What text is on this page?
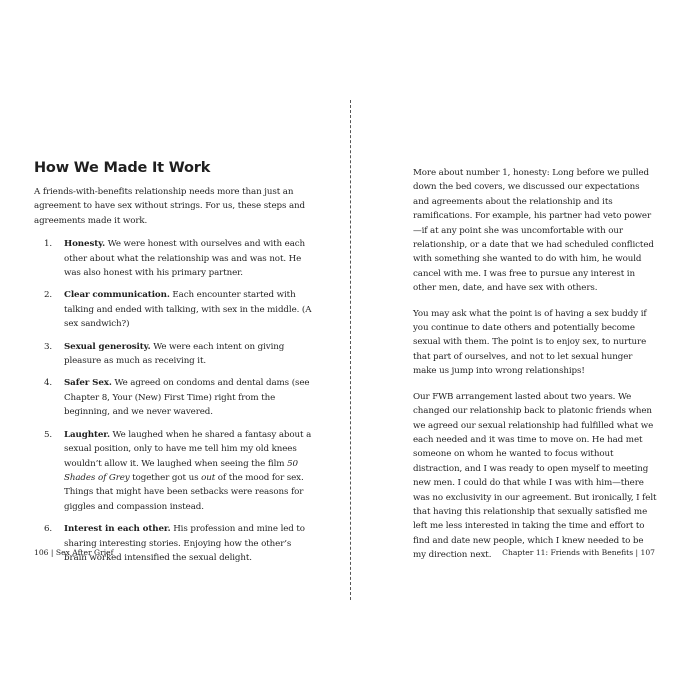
How We Made It Work

A friends-with-benefits relationship needs more than just an agreement to have sex without strings. For us, these steps and agreements made it work.

1.	Honesty. We were honest with ourselves and with each other about what the relationship was and was not. He was also honest with his primary partner.
2.	Clear communication. Each encounter started with talking and ended with talking, with sex in the middle. (A sex sandwich?)
3.	Sexual generosity. We were each intent on giving pleasure as much as receiving it.
4.	Safer Sex. We agreed on condoms and dental dams (see Chapter 8, Your (New) First Time) right from the beginning, and we never wavered.
5.	Laughter. We laughed when he shared a fantasy about a sexual position, only to have me tell him my old knees wouldn’t allow it. We laughed when seeing the film 50 Shades of Grey together got us out of the mood for sex. Things that might have been setbacks were reasons for giggles and compassion instead.
6.	Interest in each other. His profession and mine led to sharing interesting stories. Enjoying how the other’s brain worked intensified the sexual delight.

More about number 1, honesty: Long before we pulled down the bed covers, we discussed our expectations and agreements about the relationship and its ramifications. For example, his partner had veto power—if at any point she was uncomfortable with our relationship, or a date that we had scheduled conflicted with something she wanted to do with him, he would cancel with me. I was free to pursue any interest in other men, date, and have sex with others.

You may ask what the point is of having a sex buddy if you continue to date others and potentially become sexual with them. The point is to enjoy sex, to nurture that part of ourselves, and not to let sexual hunger make us jump into wrong relationships!

Our FWB arrangement lasted about two years. We changed our relationship back to platonic friends when we agreed our sexual relationship had fulfilled what we each needed and it was time to move on. He had met someone on whom he wanted to focus without distraction, and I was ready to open myself to meeting new men. I could do that while I was with him—there was no exclusivity in our agreement. But ironically, I felt that having this relationship that sexually satisfied me left me less interested in taking the time and effort to find and date new people, which I knew needed to be my direction next.

106 | Sex After Grief	Chapter 11: Friends with Benefits | 107
